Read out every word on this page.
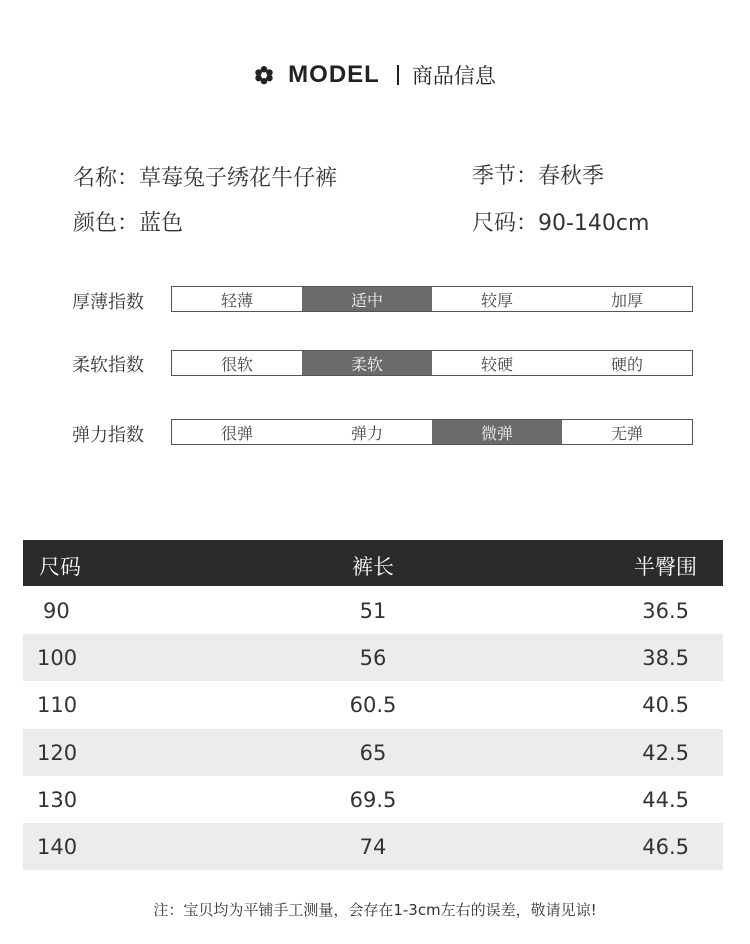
MODEL 商品信息
名称：草莓兔子绣花牛仔裤	季节：春秋季
颜色：蓝色	尺码：90-140cm
厚薄指数	轻薄	适中	较厚	加厚
柔软指数	很软	柔软	较硬	硬的
弹力指数	很弹	弹力	微弹	无弹
尺码	裤长	半臀围
90	51	36.5
100	56	38.5
110	60.5	40.5
120	65	42.5
130	69.5	44.5
140	74	46.5
注：宝贝均为平铺手工测量，会存在1-3cm左右的误差，敬请见谅!
